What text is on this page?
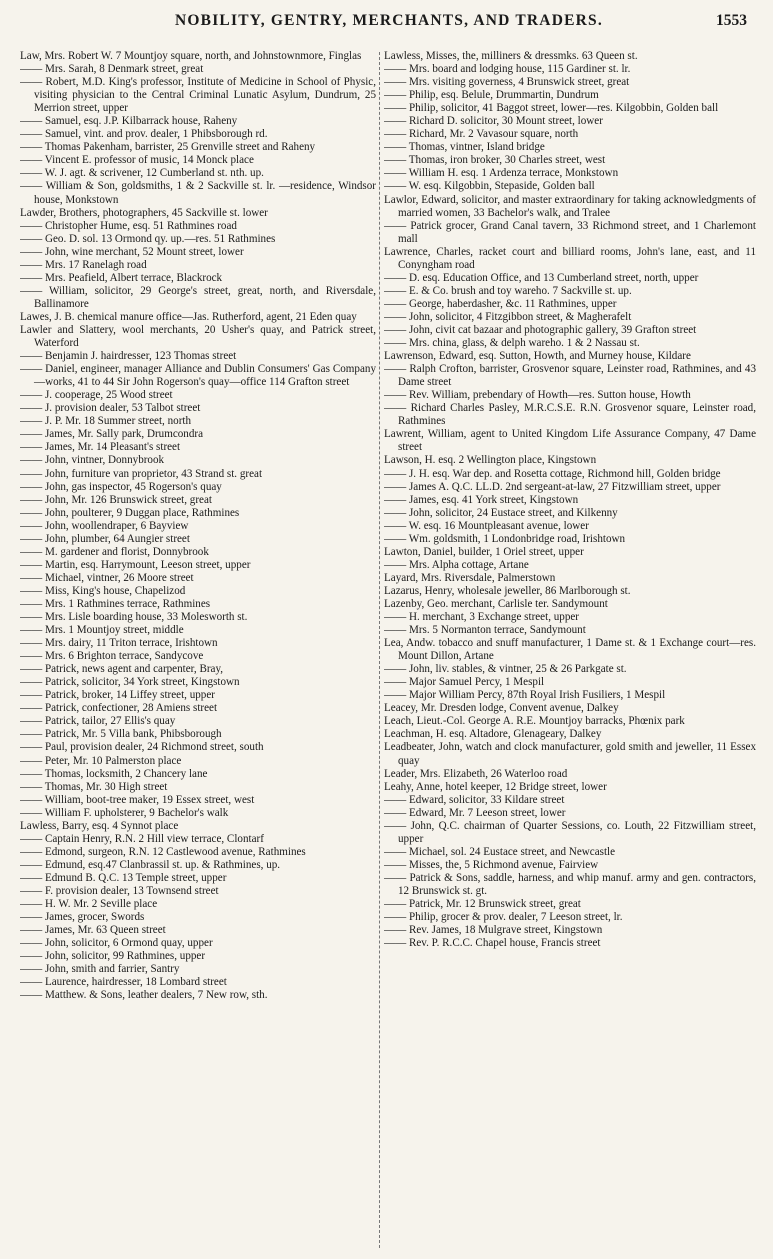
NOBILITY, GENTRY, MERCHANTS, AND TRADERS.	1553
Law, Mrs. Robert W. 7 Mountjoy square, north, and Johnstownmore, Finglas
—— Mrs. Sarah, 8 Denmark street, great
—— Robert, M.D. King's professor, Institute of Medicine in School of Physic, visiting physician to the Central Criminal Lunatic Asylum, Dundrum, 25 Merrion street, upper
—— Samuel, esq. J.P. Kilbarrack house, Raheny
—— Samuel, vint. and prov. dealer, 1 Phibsborough rd.
—— Thomas Pakenham, barrister, 25 Grenville street and Raheny
—— Vincent E. professor of music, 14 Monck place
—— W. J. agt. & scrivener, 12 Cumberland st. nth. up.
—— William & Son, goldsmiths, 1 & 2 Sackville st. lr. —residence, Windsor house, Monkstown
Lawder, Brothers, photographers, 45 Sackville st. lower
—— Christopher Hume, esq. 51 Rathmines road
—— Geo. D. sol. 13 Ormond qy. up.—res. 51 Rathmines
—— John, wine merchant, 52 Mount street, lower
—— Mrs. 17 Ranelagh road
—— Mrs. Peafield, Albert terrace, Blackrock
—— William, solicitor, 29 George's street, great, north, and Riversdale, Ballinamore
Lawes, J. B. chemical manure office—Jas. Rutherford, agent, 21 Eden quay
Lawler and Slattery, wool merchants, 20 Usher's quay, and Patrick street, Waterford
—— Benjamin J. hairdresser, 123 Thomas street
—— Daniel, engineer, manager Alliance and Dublin Consumers' Gas Company—works, 41 to 44 Sir John Rogerson's quay—office 114 Grafton street
—— J. cooperage, 25 Wood street
—— J. provision dealer, 53 Talbot street
—— J. P. Mr. 18 Summer street, north
—— James, Mr. Sally park, Drumcondra
—— James, Mr. 14 Pleasant's street
—— John, vintner, Donnybrook
—— John, furniture van proprietor, 43 Strand st. great
—— John, gas inspector, 45 Rogerson's quay
—— John, Mr. 126 Brunswick street, great
—— John, poulterer, 9 Duggan place, Rathmines
—— John, woollendraper, 6 Bayview
—— John, plumber, 64 Aungier street
—— M. gardener and florist, Donnybrook
—— Martin, esq. Harrymount, Leeson street, upper
—— Michael, vintner, 26 Moore street
—— Miss, King's house, Chapelizod
—— Mrs. 1 Rathmines terrace, Rathmines
—— Mrs. Lisle boarding house, 33 Molesworth st.
—— Mrs. 1 Mountjoy street, middle
—— Mrs. dairy, 11 Triton terrace, Irishtown
—— Mrs. 6 Brighton terrace, Sandycove
—— Patrick, news agent and carpenter, Bray,
—— Patrick, solicitor, 34 York street, Kingstown
—— Patrick, broker, 14 Liffey street, upper
—— Patrick, confectioner, 28 Amiens street
—— Patrick, tailor, 27 Ellis's quay
—— Patrick, Mr. 5 Villa bank, Phibsborough
—— Paul, provision dealer, 24 Richmond street, south
—— Peter, Mr. 10 Palmerston place
—— Thomas, locksmith, 2 Chancery lane
—— Thomas, Mr. 30 High street
—— William, boot-tree maker, 19 Essex street, west
—— William F. upholsterer, 9 Bachelor's walk
Lawless, Barry, esq. 4 Synnot place
—— Captain Henry, R.N. 2 Hill view terrace, Clontarf
—— Edmond, surgeon, R.N. 12 Castlewood avenue, Rathmines
—— Edmund, esq.47 Clanbrassil st. up. & Rathmines, up.
—— Edmund B. Q.C. 13 Temple street, upper
—— F. provision dealer, 13 Townsend street
—— H. W. Mr. 2 Seville place
—— James, grocer, Swords
—— James, Mr. 63 Queen street
—— John, solicitor, 6 Ormond quay, upper
—— John, solicitor, 99 Rathmines, upper
—— John, smith and farrier, Santry
—— Laurence, hairdresser, 18 Lombard street
—— Matthew. & Sons, leather dealers, 7 New row, sth.
Lawless, Misses, the, milliners & dressmks. 63 Queen st.
—— Mrs. board and lodging house, 115 Gardiner st. lr.
—— Mrs. visiting governess, 4 Brunswick street, great
—— Philip, esq. Belule, Drummartin, Dundrum
—— Philip, solicitor, 41 Baggot street, lower—res. Kilgobbin, Golden ball
—— Richard D. solicitor, 30 Mount street, lower
—— Richard, Mr. 2 Vavasour square, north
—— Thomas, vintner, Island bridge
—— Thomas, iron broker, 30 Charles street, west
—— William H. esq. 1 Ardenza terrace, Monkstown
—— W. esq. Kilgobbin, Stepaside, Golden ball
Lawlor, Edward, solicitor, and master extraordinary for taking acknowledgments of married women, 33 Bachelor's walk, and Tralee
—— Patrick grocer, Grand Canal tavern, 33 Richmond street, and 1 Charlemont mall
Lawrence, Charles, racket court and billiard rooms, John's lane, east, and 11 Conyngham road
—— D. esq. Education Office, and 13 Cumberland street, north, upper
—— E. & Co. brush and toy wareho. 7 Sackville st. up.
—— George, haberdasher, &c. 11 Rathmines, upper
—— John, solicitor, 4 Fitzgibbon street, & Magherafelt
—— John, civit cat bazaar and photographic gallery, 39 Grafton street
—— Mrs. china, glass, & delph wareho. 1 & 2 Nassau st.
Lawrenson, Edward, esq. Sutton, Howth, and Murney house, Kildare
—— Ralph Crofton, barrister, Grosvenor square, Leinster road, Rathmines, and 43 Dame street
—— Rev. William, prebendary of Howth—res. Sutton house, Howth
—— Richard Charles Pasley, M.R.C.S.E. R.N. Grosvenor square, Leinster road, Rathmines
Lawrent, William, agent to United Kingdom Life Assurance Company, 47 Dame street
Lawson, H. esq. 2 Wellington place, Kingstown
—— J. H. esq. War dep. and Rosetta cottage, Richmond hill, Golden bridge
—— James A. Q.C. LL.D. 2nd sergeant-at-law, 27 Fitzwilliam street, upper
—— James, esq. 41 York street, Kingstown
—— John, solicitor, 24 Eustace street, and Kilkenny
—— W. esq. 16 Mountpleasant avenue, lower
—— Wm. goldsmith, 1 Londonbridge road, Irishtown
Lawton, Daniel, builder, 1 Oriel street, upper
—— Mrs. Alpha cottage, Artane
Layard, Mrs. Riversdale, Palmerstown
Lazarus, Henry, wholesale jeweller, 86 Marlborough st.
Lazenby, Geo. merchant, Carlisle ter. Sandymount
—— H. merchant, 3 Exchange street, upper
—— Mrs. 5 Normanton terrace, Sandymount
Lea, Andw. tobacco and snuff manufacturer, 1 Dame st. & 1 Exchange court—res. Mount Dillon, Artane
—— John, liv. stables, & vintner, 25 & 26 Parkgate st.
—— Major Samuel Percy, 1 Mespil
—— Major William Percy, 87th Royal Irish Fusiliers, 1 Mespil
Leacey, Mr. Dresden lodge, Convent avenue, Dalkey
Leach, Lieut.-Col. George A. R.E. Mountjoy barracks, Phœnix park
Leachman, H. esq. Altadore, Glenageary, Dalkey
Leadbeater, John, watch and clock manufacturer, gold smith and jeweller, 11 Essex quay
Leader, Mrs. Elizabeth, 26 Waterloo road
Leahy, Anne, hotel keeper, 12 Bridge street, lower
—— Edward, solicitor, 33 Kildare street
—— Edward, Mr. 7 Leeson street, lower
—— John, Q.C. chairman of Quarter Sessions, co. Louth, 22 Fitzwilliam street, upper
—— Michael, sol. 24 Eustace street, and Newcastle
—— Misses, the, 5 Richmond avenue, Fairview
—— Patrick & Sons, saddle, harness, and whip manuf. army and gen. contractors, 12 Brunswick st. gt.
—— Patrick, Mr. 12 Brunswick street, great
—— Philip, grocer & prov. dealer, 7 Leeson street, lr.
—— Rev. James, 18 Mulgrave street, Kingstown
—— Rev. P. R.C.C. Chapel house, Francis street
